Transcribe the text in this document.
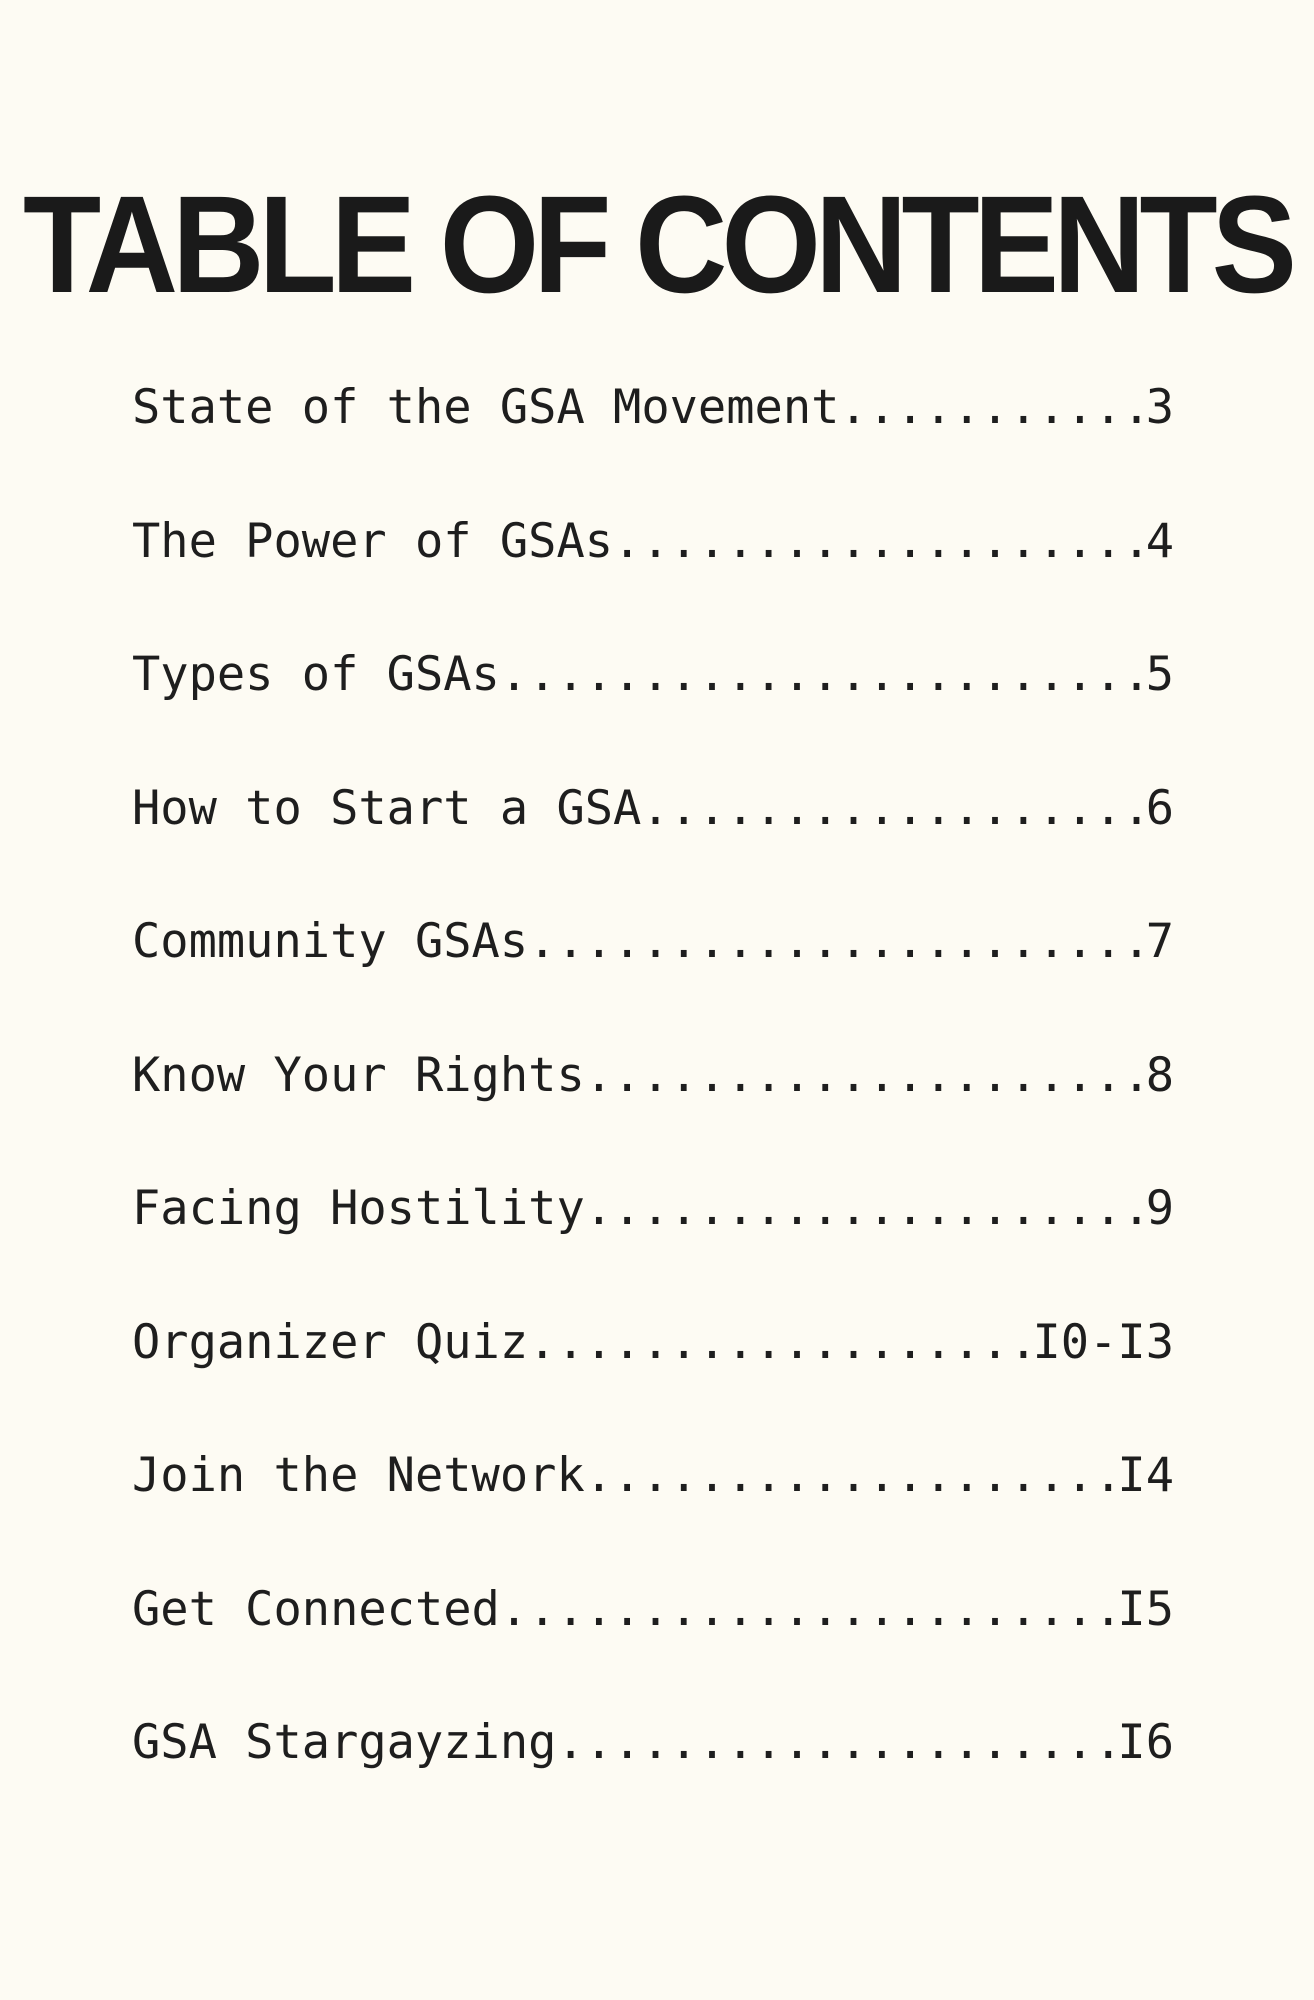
TABLE OF CONTENTS
State of the GSA Movement .....	3
The Power of GSAs .....	4
Types of GSAs .....	5
How to Start a GSA .....	6
Community GSAs .....	7
Know Your Rights .....	8
Facing Hostility .....	9
Organizer Quiz .....	I0-I3
Join the Network .....	I4
Get Connected .....	I5
GSA Stargayzing .....	I6
